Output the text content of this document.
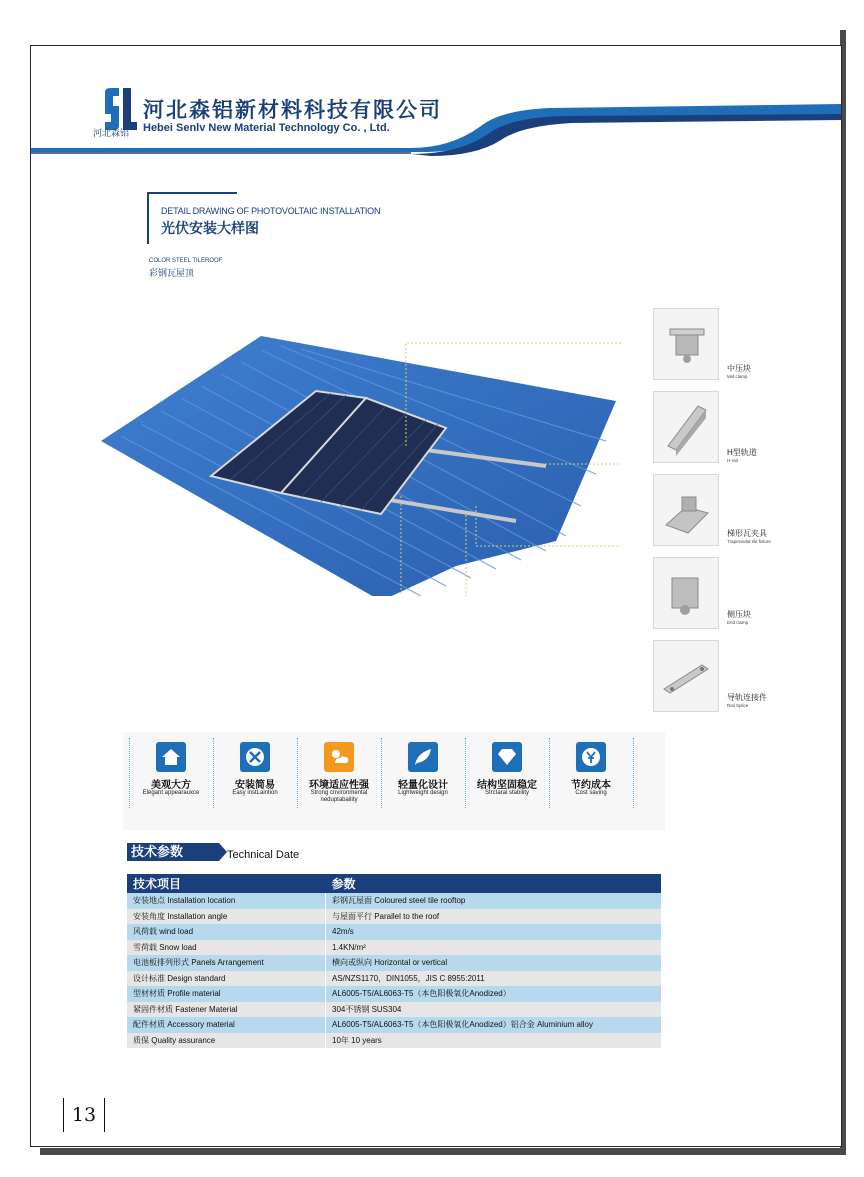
河北森铝
河北森铝新材料科技有限公司
Hebei Senlv New Material Technology Co. , Ltd.
DETAIL DRAWING OF PHOTOVOLTAIC INSTALLATION
光伏安装大样图
COLOR STEEL TILEROOF
彩钢瓦屋顶
中压块
Mid clamp
H型轨道
H-rail
梯形瓦夹具
Trapezoidal tile fixture
侧压块
End clamp
导轨连接件
Rail Splice
美观大方
Elegant appearauxce
安装简易
Easy instLaintion
环境适应性强
Strong cnvironmental neduptabaility
轻量化设计
Lightweight design
结构坚固稳定
Strctaral stability
节约成本
Cost saving
技术参数	Technical Date
技术项目	参数
安装地点 Installation location	彩钢瓦屋面 Coloured steel tile rooftop
安装角度 Installation angle	与屋面平行 Parallel to the roof
风荷载 wind load	42m/s
雪荷载 Snow load	1.4KN/m²
电池板排列形式 Panels Arrangement	横向或纵向 Horizontal or vertical
设计标准 Design standard	AS/NZS1170，DIN1055，JIS C 8955:2011
型材材质 Profile material	AL6005-T5/AL6063-T5（本色阳极氧化Anodized）
紧固件材质 Fastener Material	304不锈钢 SUS304
配件材质 Accessory material	AL6005-T5/AL6063-T5（本色阳极氧化Anodized）铝合金 Aluminium alloy
质保 Quality assurance	10年 10 years
13
